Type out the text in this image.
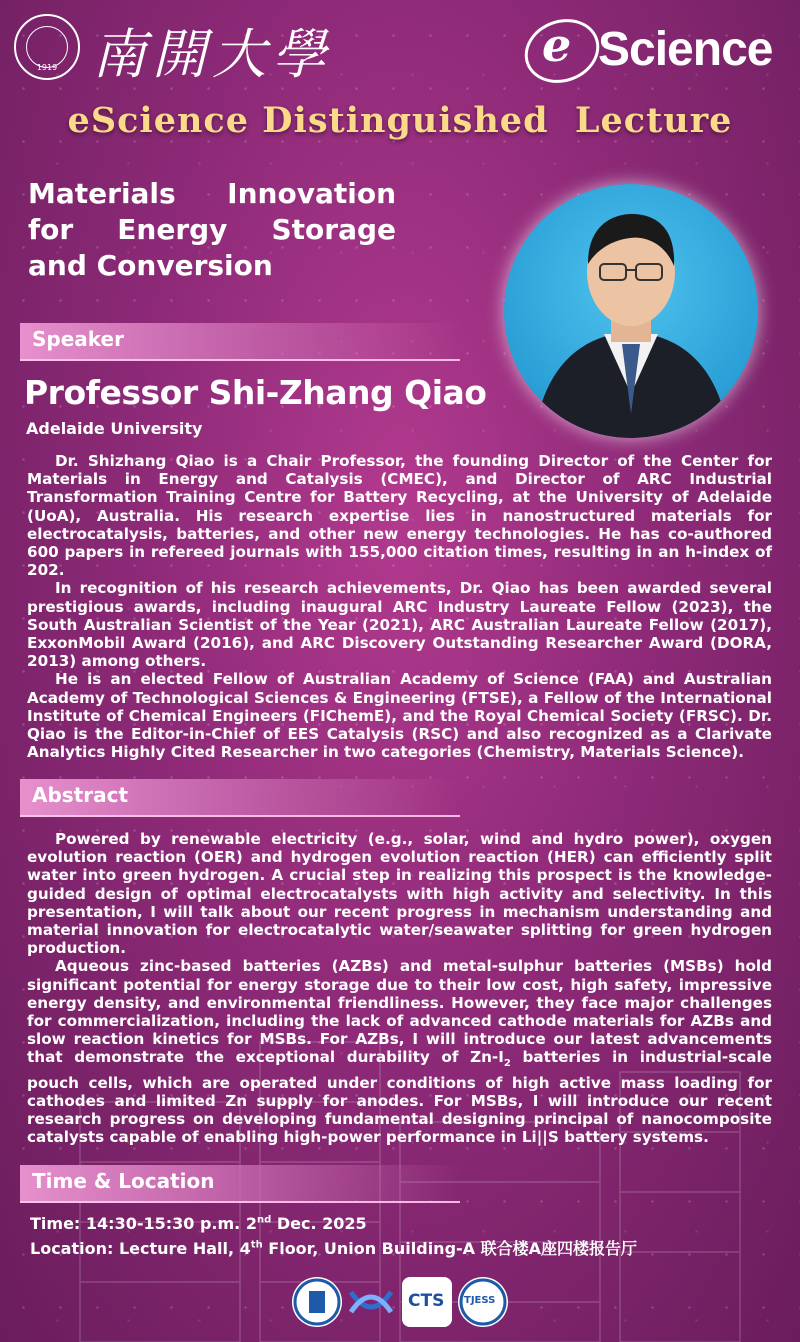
1919 南開大學	e Science
eScience Distinguished  Lecture
Materials Innovation for Energy Storage and Conversion
Speaker
Professor Shi-Zhang Qiao
Adelaide University

Dr. Shizhang Qiao is a Chair Professor, the founding Director of the Center for Materials in Energy and Catalysis (CMEC), and Director of ARC Industrial Transformation Training Centre for Battery Recycling, at the University of Adelaide (UoA), Australia. His research expertise lies in nanostructured materials for electrocatalysis, batteries, and other new energy technologies. He has co-authored 600 papers in refereed journals with 155,000 citation times, resulting in an h-index of 202.

In recognition of his research achievements, Dr. Qiao has been awarded several prestigious awards, including inaugural ARC Industry Laureate Fellow (2023), the South Australian Scientist of the Year (2021), ARC Australian Laureate Fellow (2017), ExxonMobil Award (2016), and ARC Discovery Outstanding Researcher Award (DORA, 2013) among others.

He is an elected Fellow of Australian Academy of Science (FAA) and Australian Academy of Technological Sciences & Engineering (FTSE), a Fellow of the International Institute of Chemical Engineers (FIChemE), and the Royal Chemical Society (FRSC). Dr. Qiao is the Editor-in-Chief of EES Catalysis (RSC) and also recognized as a Clarivate Analytics Highly Cited Researcher in two categories (Chemistry, Materials Science).

Abstract

Powered by renewable electricity (e.g., solar, wind and hydro power), oxygen evolution reaction (OER) and hydrogen evolution reaction (HER) can efficiently split water into green hydrogen. A crucial step in realizing this prospect is the knowledge-guided design of optimal electrocatalysts with high activity and selectivity. In this presentation, I will talk about our recent progress in mechanism understanding and material innovation for electrocatalytic water/seawater splitting for green hydrogen production.

Aqueous zinc-based batteries (AZBs) and metal-sulphur batteries (MSBs) hold significant potential for energy storage due to their low cost, high safety, impressive energy density, and environmental friendliness. However, they face major challenges for commercialization, including the lack of advanced cathode materials for AZBs and slow reaction kinetics for MSBs. For AZBs, I will introduce our latest advancements that demonstrate the exceptional durability of $Zn-I_2$ batteries in industrial-scale pouch cells, which are operated under conditions of high active mass loading for cathodes and limited Zn supply for anodes. For MSBs, I will introduce our recent research progress on developing fundamental designing principal of nanocomposite catalysts capable of enabling high-power performance in Li||S battery systems.

Time & Location
Time: 14:30-15:30 p.m. 2nd Dec. 2025
Location: Lecture Hall, 4th Floor, Union Building-A 联合楼A座四楼报告厅
CTS TJESS
